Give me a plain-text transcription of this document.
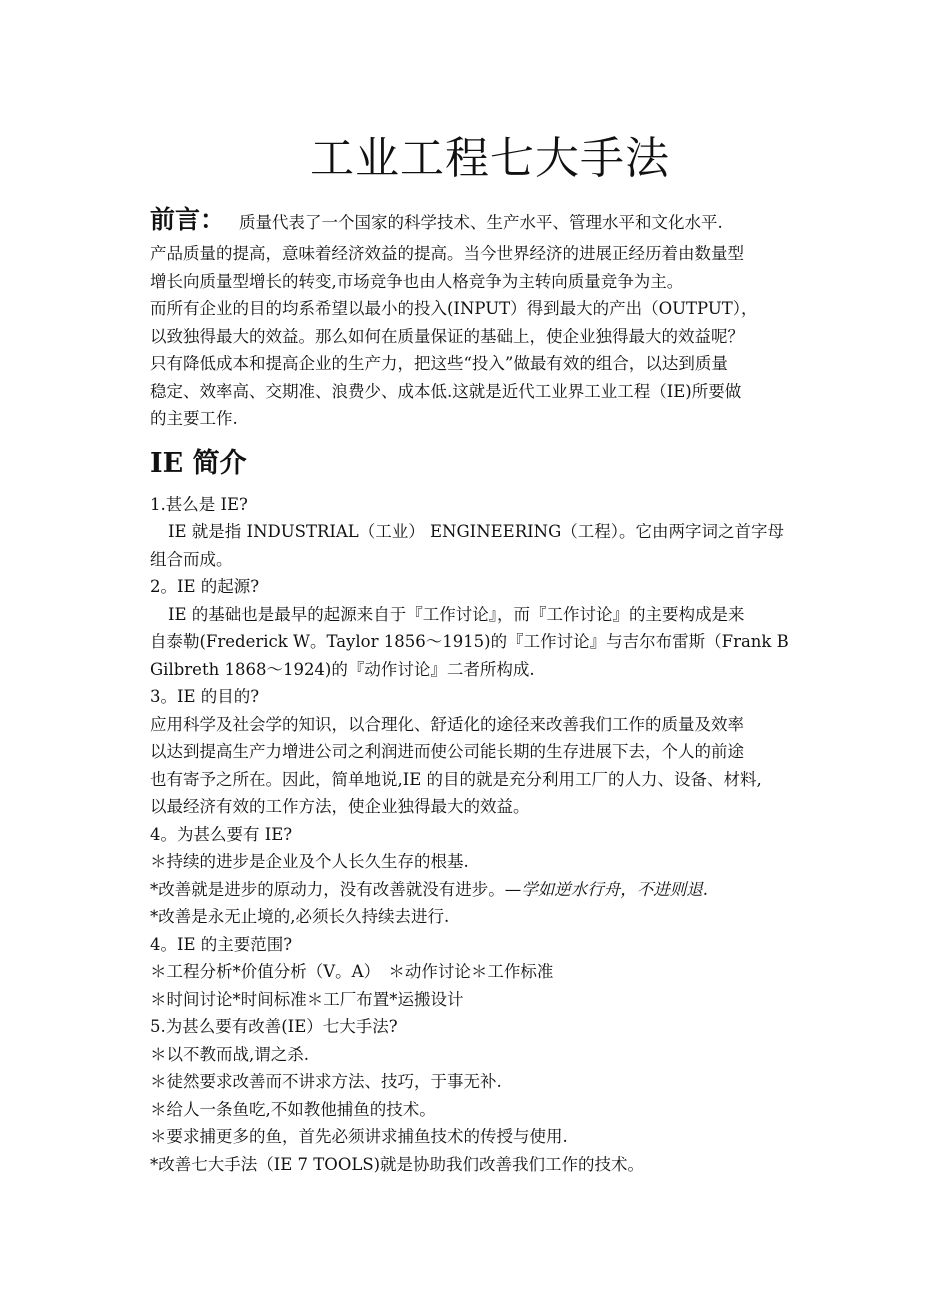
工业工程七大手法
前言： 质量代表了一个国家的科学技术、生产水平、管理水平和文化水平.
产品质量的提高，意味着经济效益的提高。当今世界经济的进展正经历着由数量型
增长向质量型增长的转变,市场竞争也由人格竞争为主转向质量竞争为主。
而所有企业的目的均系希望以最小的投入(INPUT）得到最大的产出（OUTPUT），
以致独得最大的效益。那么如何在质量保证的基础上，使企业独得最大的效益呢？
只有降低成本和提高企业的生产力，把这些“投入”做最有效的组合，以达到质量
稳定、效率高、交期准、浪费少、成本低.这就是近代工业界工业工程（IE)所要做
的主要工作.
IE 简介
1.甚么是 IE?
IE 就是指 INDUSTRIAL（工业） ENGINEERING（工程）。它由两字词之首字母
组合而成。
2。IE 的起源?
IE 的基础也是最早的起源来自于『工作讨论』，而『工作讨论』的主要构成是来
自泰勒(Frederick W。Taylor 1856～1915)的『工作讨论』与吉尔布雷斯（Frank B
Gilbreth 1868～1924)的『动作讨论』二者所构成.
3。IE 的目的?
应用科学及社会学的知识，以合理化、舒适化的途径来改善我们工作的质量及效率
以达到提高生产力增进公司之利润进而使公司能长期的生存进展下去，个人的前途
也有寄予之所在。因此，简单地说,IE 的目的就是充分利用工厂的人力、设备、材料,
以最经济有效的工作方法，使企业独得最大的效益。
4。为甚么要有 IE?
＊持续的进步是企业及个人长久生存的根基.
*改善就是进步的原动力，没有改善就没有进步。—学如逆水行舟，不进则退.
*改善是永无止境的,必须长久持续去进行.
4。IE 的主要范围?
＊工程分析*价值分析（V。A）　＊动作讨论＊工作标准
＊时间讨论*时间标准＊工厂布置*运搬设计
5.为甚么要有改善(IE）七大手法?
＊以不教而战,谓之杀.
＊徒然要求改善而不讲求方法、技巧，于事无补.
＊给人一条鱼吃,不如教他捕鱼的技术。
＊要求捕更多的鱼，首先必须讲求捕鱼技术的传授与使用.
*改善七大手法（IE 7 TOOLS)就是协助我们改善我们工作的技术。
